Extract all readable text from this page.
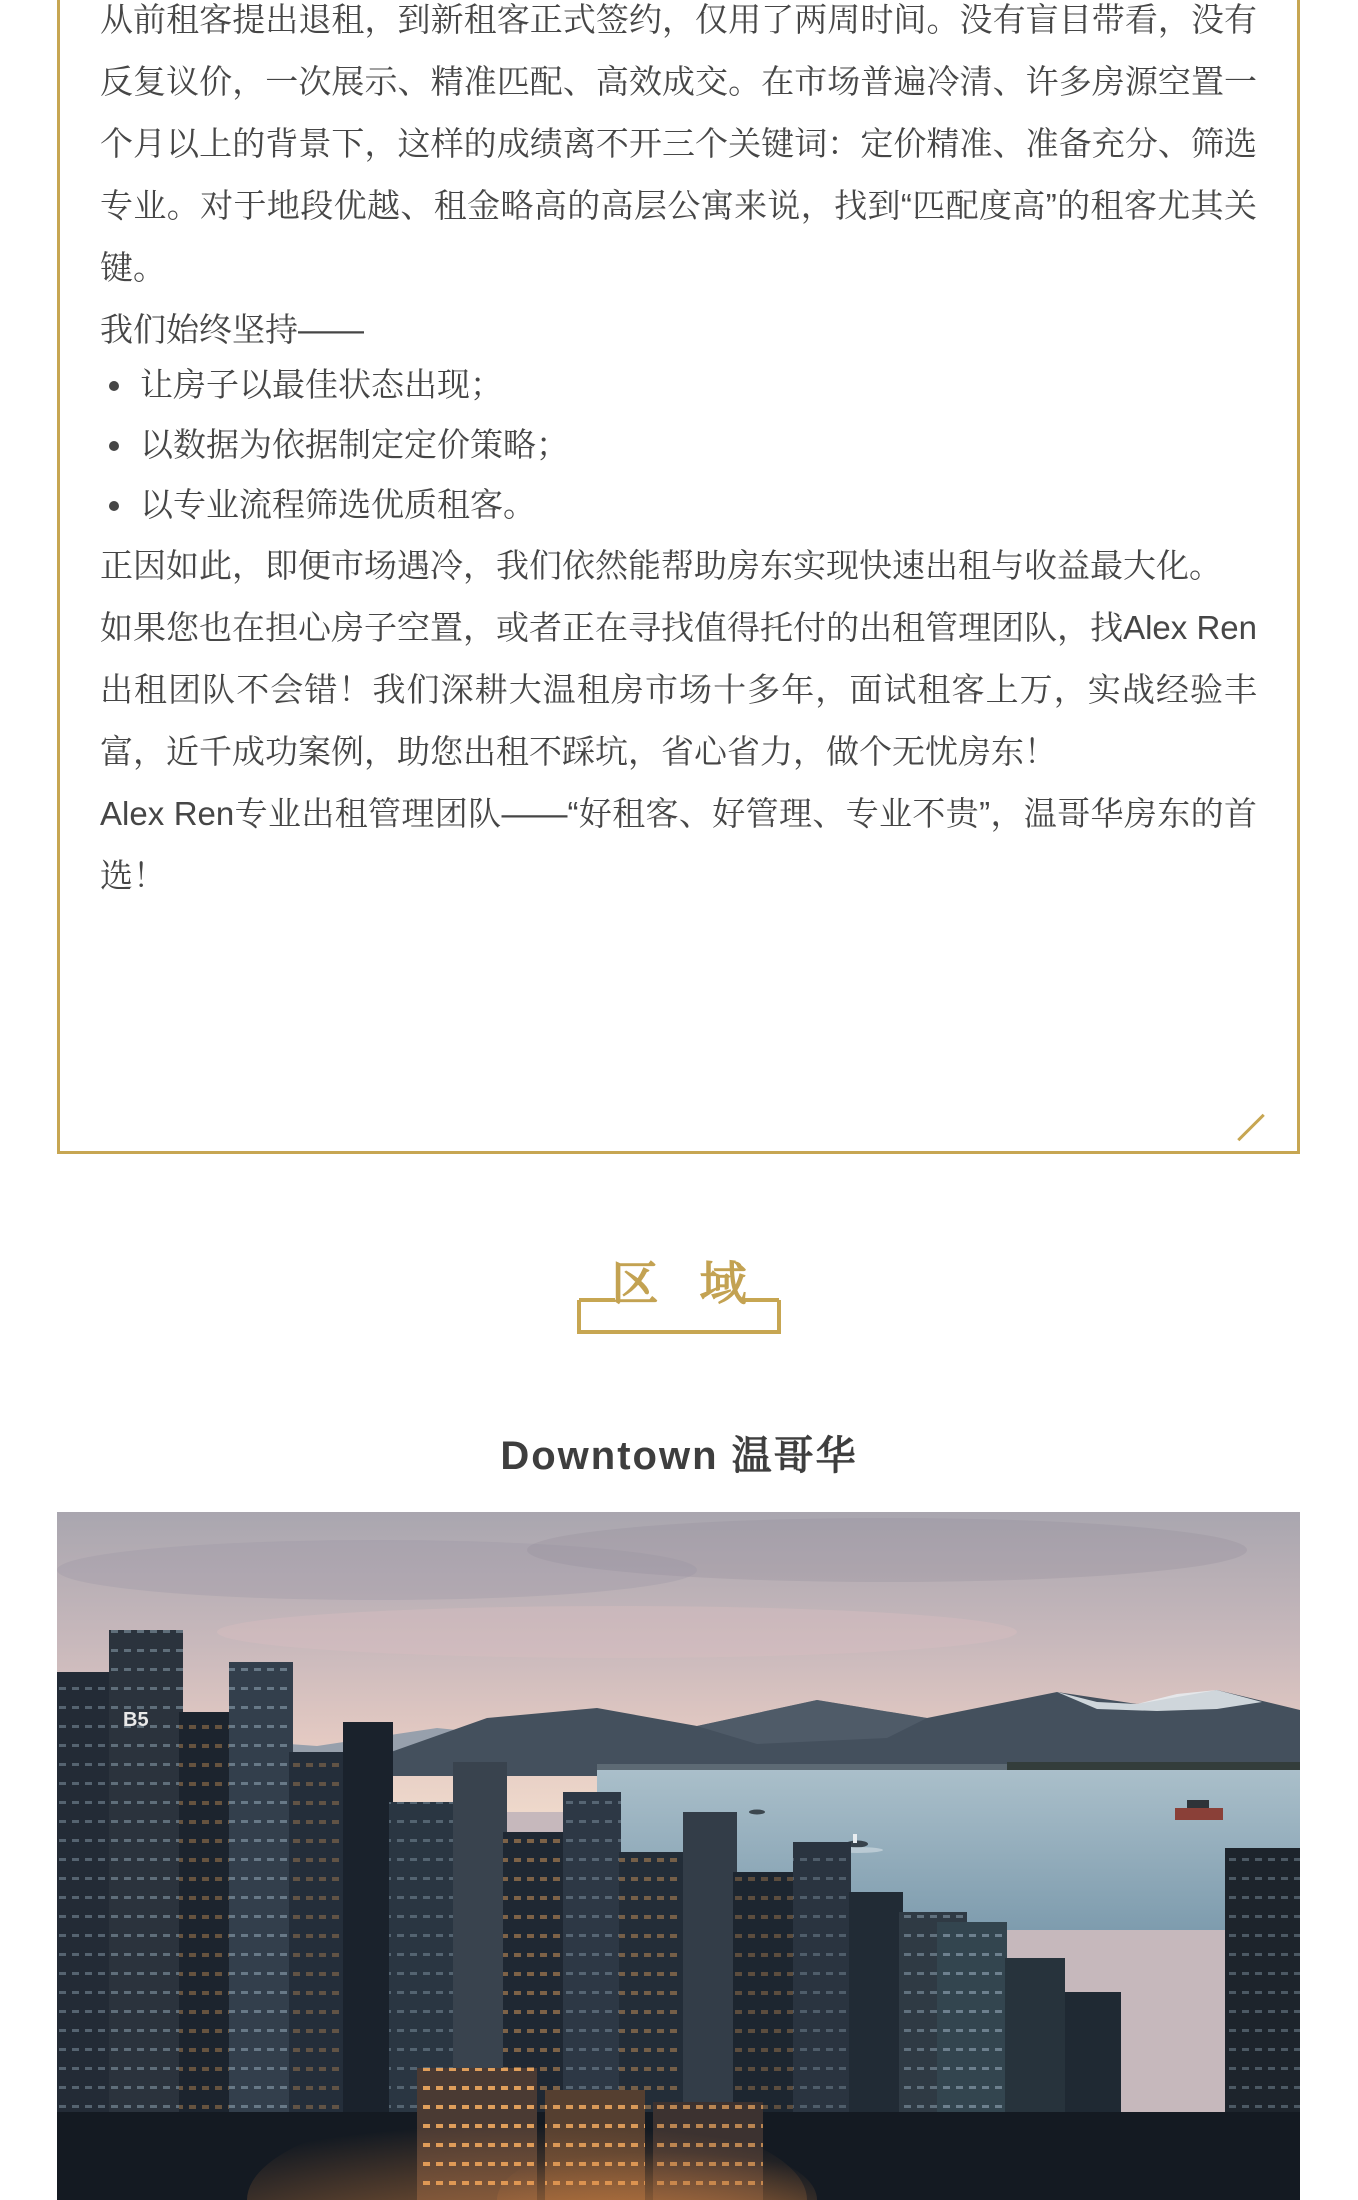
从前租客提出退租，到新租客正式签约，仅用了两周时间。没有盲目带看，没有反复议价，一次展示、精准匹配、高效成交。在市场普遍冷清、许多房源空置一个月以上的背景下，这样的成绩离不开三个关键词：定价精准、准备充分、筛选专业。对于地段优越、租金略高的高层公寓来说，找到“匹配度高”的租客尤其关键。

我们始终坚持——

• 让房子以最佳状态出现；
• 以数据为依据制定定价策略；
• 以专业流程筛选优质租客。

正因如此，即便市场遇冷，我们依然能帮助房东实现快速出租与收益最大化。

如果您也在担心房子空置，或者正在寻找值得托付的出租管理团队，找Alex Ren出租团队不会错！我们深耕大温租房市场十多年，面试租客上万，实战经验丰富，近千成功案例，助您出租不踩坑，省心省力，做个无忧房东！

Alex Ren专业出租管理团队——“好租客、好管理、专业不贵”，温哥华房东的首选！

区 域
Downtown 温哥华
B5
